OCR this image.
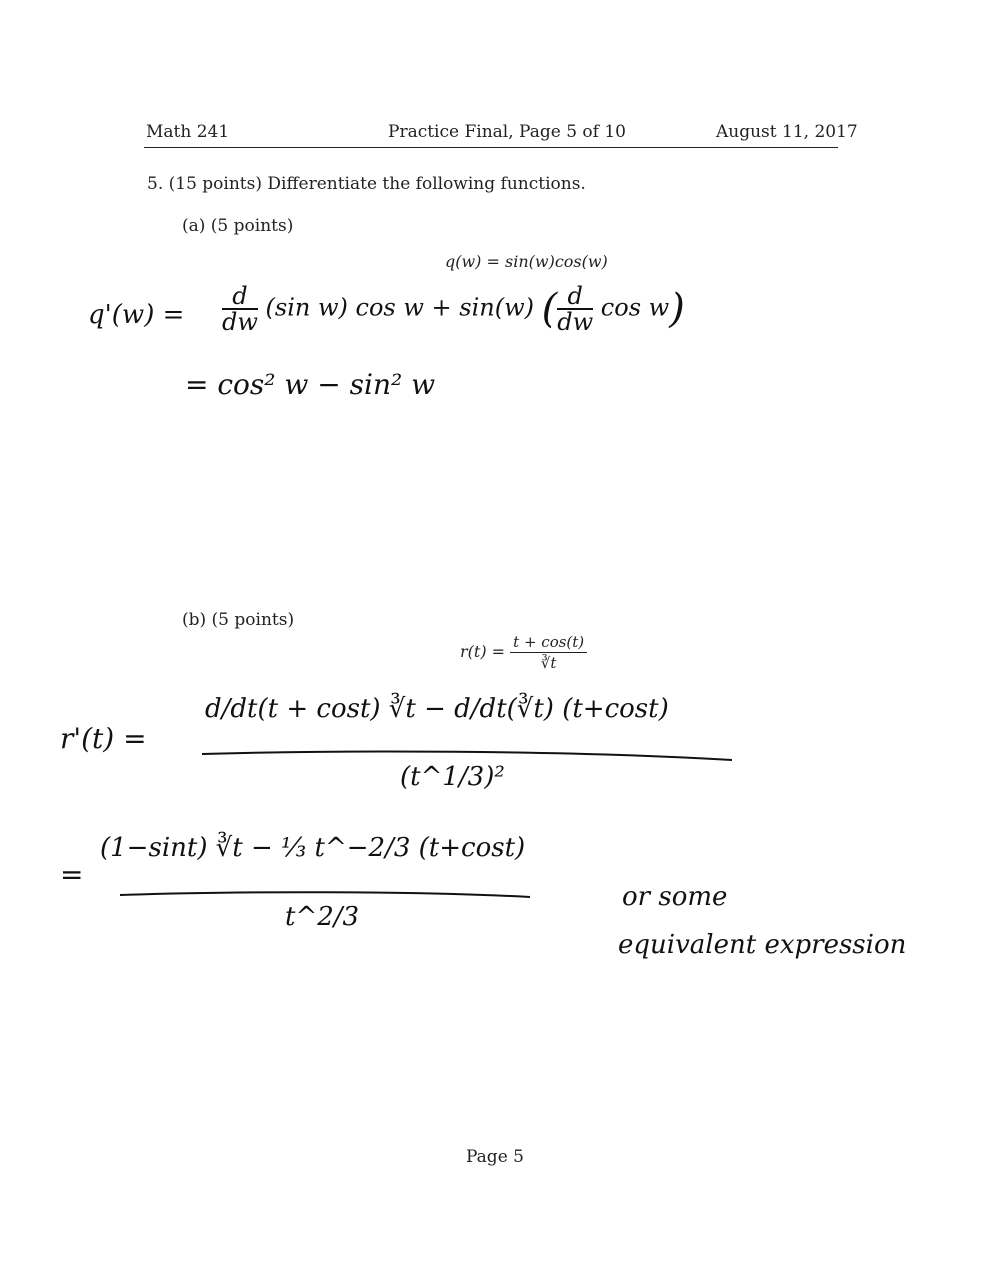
Math 241	Practice Final, Page 5 of 10	August 11, 2017
5. (15 points) Differentiate the following functions.
(a) (5 points)
q(w) = sin(w)cos(w)
$q'(w) = \frac{d}{dw} (\sin$ w) cos w + sin(w) ( $\frac{d}{dw}$ cos w)
= cos² w − sin² w
(b) (5 points)
$r(t) = \frac{t + \cos(t)}{∛t}$
r'(t) =
d/dt(t + cost) ∛t − d/dt(∛t) (t+cost)
(t^1/3)²
=
(1−sint) ∛t − ⅓ t^−2/3 (t+cost)
t^2/3
or some
equivalent expression
Page 5
